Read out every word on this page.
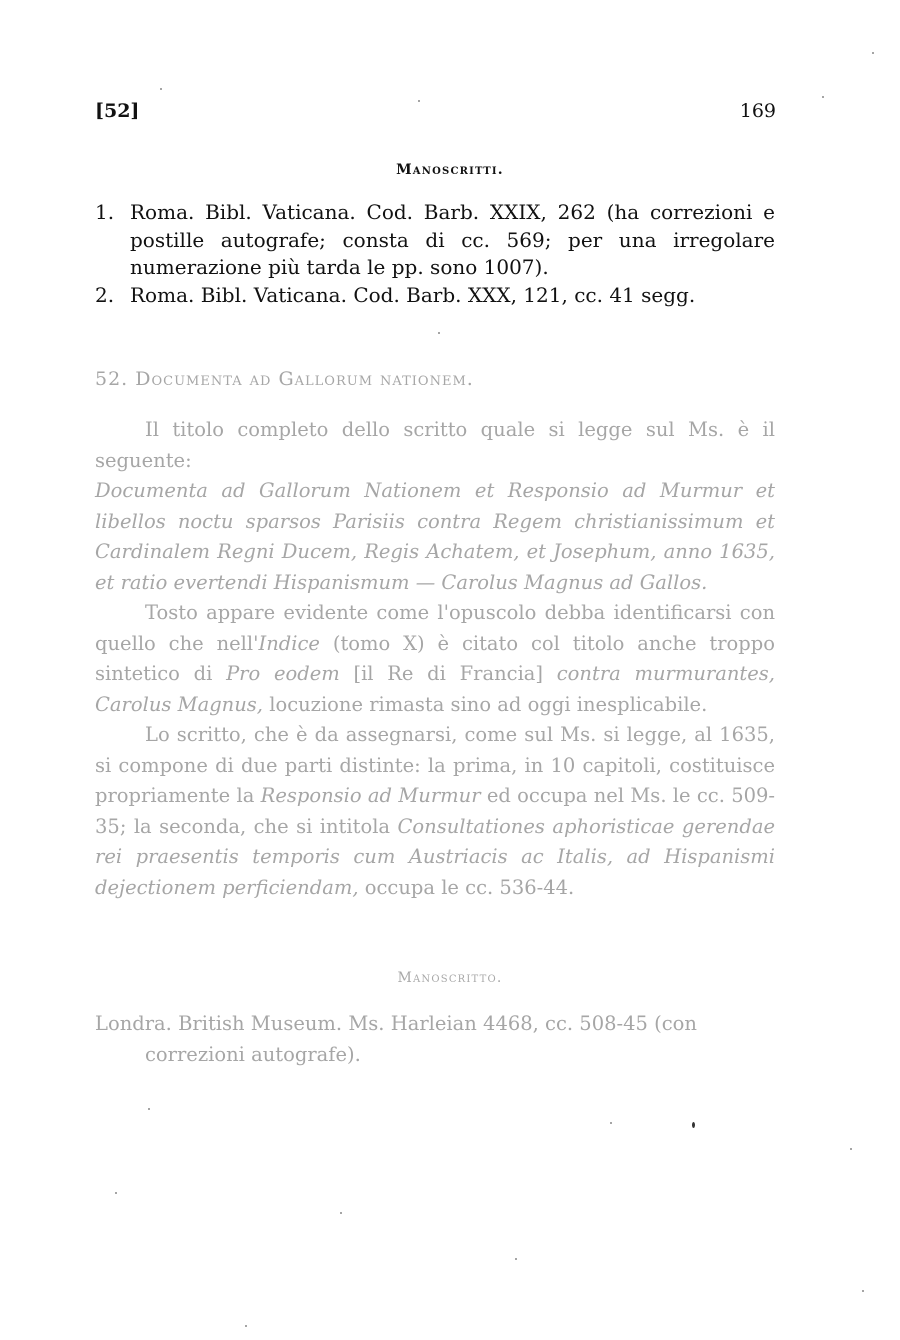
[52]	169
Manoscritti.
1. Roma. Bibl. Vaticana. Cod. Barb. XXIX, 262 (ha correzioni e postille autografe; consta di cc. 569; per una irregolare numerazione più tarda le pp. sono 1007).
2. Roma. Bibl. Vaticana. Cod. Barb. XXX, 121, cc. 41 segg.
52. Documenta ad Gallorum nationem.

Il titolo completo dello scritto quale si legge sul Ms. è il seguente:

Documenta ad Gallorum Nationem et Responsio ad Murmur et libellos noctu sparsos Parisiis contra Regem christianissimum et Cardinalem Regni Ducem, Regis Achatem, et Josephum, anno 1635, et ratio evertendi Hispanismum — Carolus Magnus ad Gallos.

Tosto appare evidente come l'opuscolo debba identificarsi con quello che nell'Indice (tomo X) è citato col titolo anche troppo sintetico di Pro eodem [il Re di Francia] contra murmurantes, Carolus Magnus, locuzione rimasta sino ad oggi inesplicabile.

Lo scritto, che è da assegnarsi, come sul Ms. si legge, al 1635, si compone di due parti distinte: la prima, in 10 capitoli, costituisce propriamente la Responsio ad Murmur ed occupa nel Ms. le cc. 509-35; la seconda, che si intitola Consultationes aphoristicae gerendae rei praesentis temporis cum Austriacis ac Italis, ad Hispanismi dejectionem perficiendam, occupa le cc. 536-44.

Manoscritto.
Londra. British Museum. Ms. Harleian 4468, cc. 508-45 (con
correzioni autografe).
